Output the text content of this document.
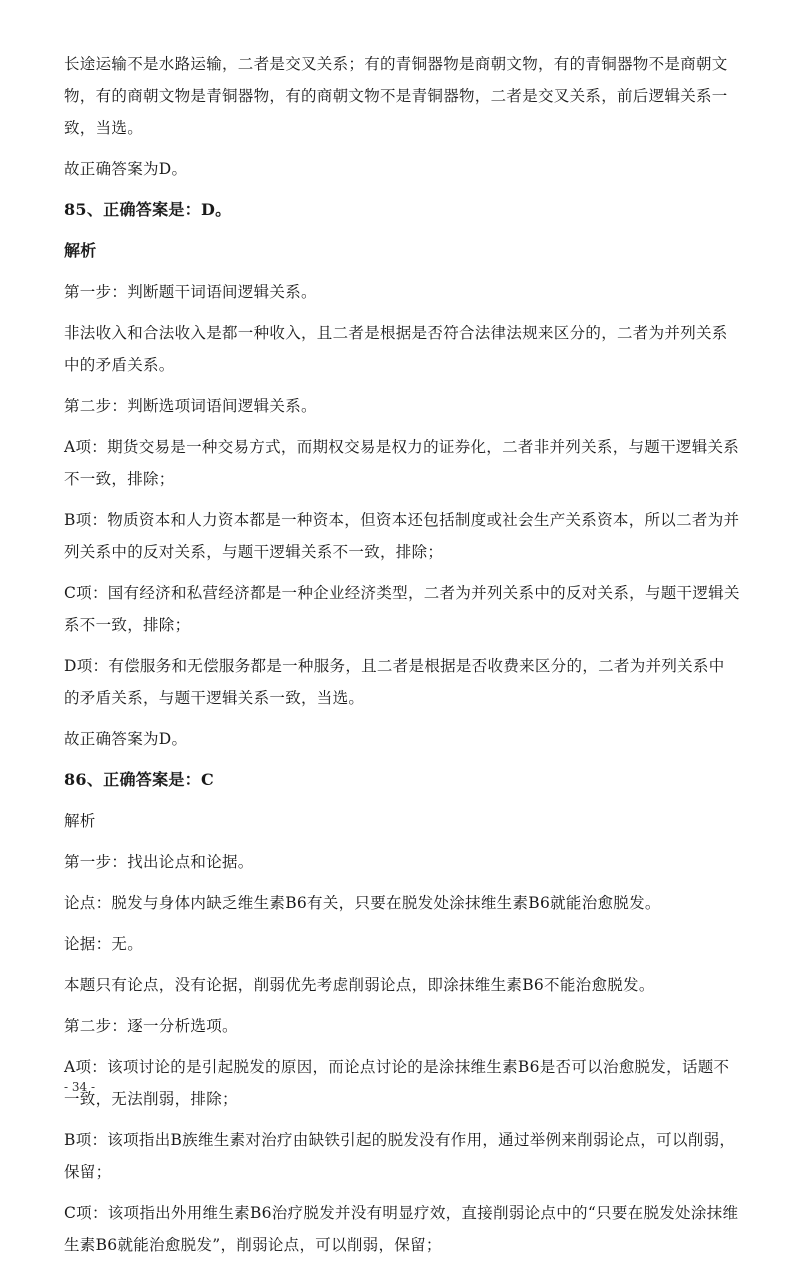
长途运输不是水路运输，二者是交叉关系；有的青铜器物是商朝文物，有的青铜器物不是商朝文物，有的商朝文物是青铜器物，有的商朝文物不是青铜器物，二者是交叉关系，前后逻辑关系一致，当选。

故正确答案为D。

85、正确答案是：D。

解析

第一步：判断题干词语间逻辑关系。

非法收入和合法收入是都一种收入，且二者是根据是否符合法律法规来区分的，二者为并列关系中的矛盾关系。

第二步：判断选项词语间逻辑关系。

A项：期货交易是一种交易方式，而期权交易是权力的证券化，二者非并列关系，与题干逻辑关系不一致，排除；

B项：物质资本和人力资本都是一种资本，但资本还包括制度或社会生产关系资本，所以二者为并列关系中的反对关系，与题干逻辑关系不一致，排除；

C项：国有经济和私营经济都是一种企业经济类型，二者为并列关系中的反对关系，与题干逻辑关系不一致，排除；

D项：有偿服务和无偿服务都是一种服务，且二者是根据是否收费来区分的，二者为并列关系中的矛盾关系，与题干逻辑关系一致，当选。

故正确答案为D。

86、正确答案是：C

解析

第一步：找出论点和论据。

论点：脱发与身体内缺乏维生素B6有关，只要在脱发处涂抹维生素B6就能治愈脱发。

论据：无。

本题只有论点，没有论据，削弱优先考虑削弱论点，即涂抹维生素B6不能治愈脱发。

第二步：逐一分析选项。

A项：该项讨论的是引起脱发的原因，而论点讨论的是涂抹维生素B6是否可以治愈脱发，话题不一致，无法削弱，排除；

B项：该项指出B族维生素对治疗由缺铁引起的脱发没有作用，通过举例来削弱论点，可以削弱，保留；

C项：该项指出外用维生素B6治疗脱发并没有明显疗效，直接削弱论点中的“只要在脱发处涂抹维生素B6就能治愈脱发”，削弱论点，可以削弱，保留；

- 34 -
